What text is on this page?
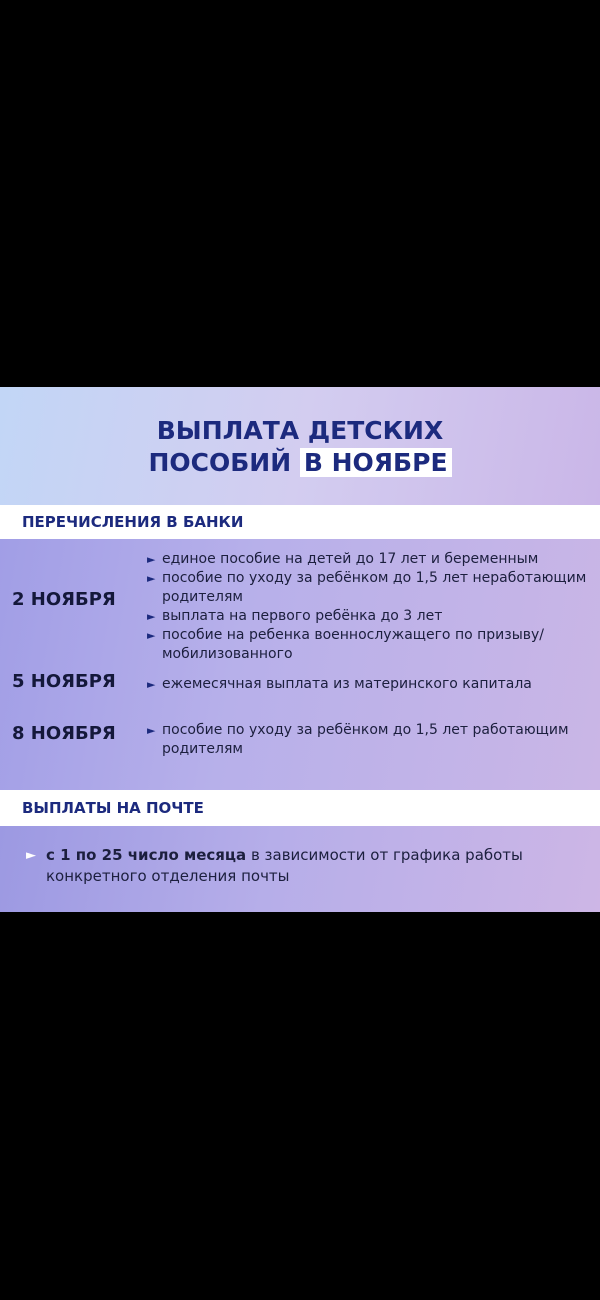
ВЫПЛАТА ДЕТСКИХ
ПОСОБИЙ В НОЯБРЕ
ПЕРЕЧИСЛЕНИЯ В БАНКИ
2 НОЯБРЯ
► единое пособие на детей до 17 лет и беременным
► пособие по уходу за ребёнком до 1,5 лет неработающим родителям
► выплата на первого ребёнка до 3 лет
► пособие на ребенка военнослужащего по призыву/мобилизованного
5 НОЯБРЯ	► ежемесячная выплата из материнского капитала
8 НОЯБРЯ	► пособие по уходу за ребёнком до 1,5 лет работающим родителям
ВЫПЛАТЫ НА ПОЧТЕ
► с 1 по 25 число месяца в зависимости от графика работы конкретного отделения почты
